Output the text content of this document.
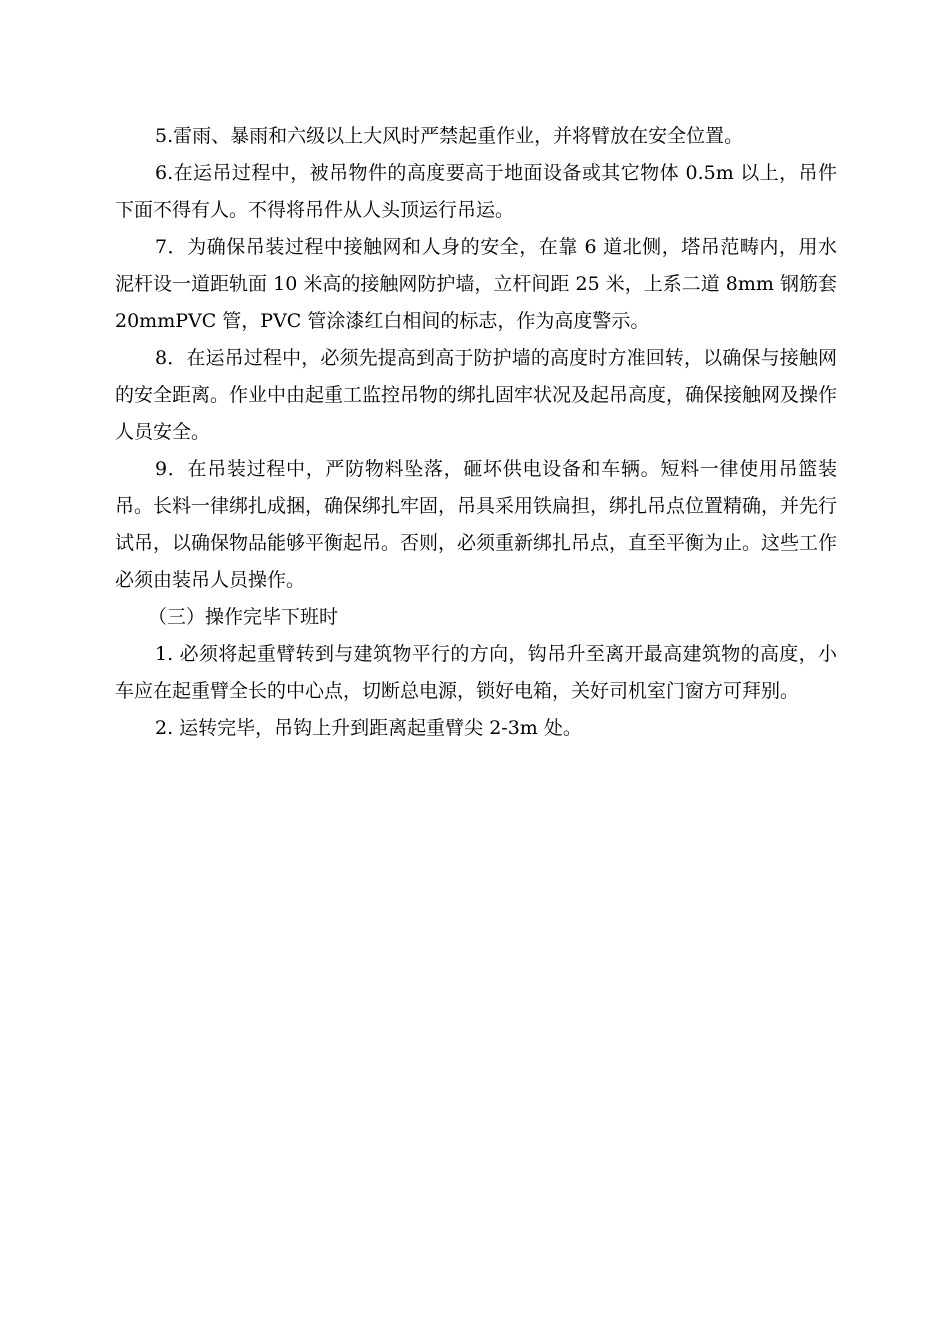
5.雷雨、暴雨和六级以上大风时严禁起重作业，并将臂放在安全位置。

6.在运吊过程中，被吊物件的高度要高于地面设备或其它物体 0.5m 以上，吊件下面不得有人。不得将吊件从人头顶运行吊运。

7．为确保吊装过程中接触网和人身的安全，在靠 6 道北侧，塔吊范畴内，用水泥杆设一道距轨面 10 米高的接触网防护墙，立杆间距 25 米，上系二道 8mm 钢筋套 20mmPVC 管，PVC 管涂漆红白相间的标志，作为高度警示。

8．在运吊过程中，必须先提高到高于防护墙的高度时方准回转，以确保与接触网的安全距离。作业中由起重工监控吊物的绑扎固牢状况及起吊高度，确保接触网及操作人员安全。

9．在吊装过程中，严防物料坠落，砸坏供电设备和车辆。短料一律使用吊篮装吊。长料一律绑扎成捆，确保绑扎牢固，吊具采用铁扁担，绑扎吊点位置精确，并先行试吊，以确保物品能够平衡起吊。否则，必须重新绑扎吊点，直至平衡为止。这些工作必须由装吊人员操作。

（三）操作完毕下班时

1. 必须将起重臂转到与建筑物平行的方向，钩吊升至离开最高建筑物的高度，小车应在起重臂全长的中心点，切断总电源，锁好电箱，关好司机室门窗方可拜别。

2. 运转完毕，吊钩上升到距离起重臂尖 2-3m 处。
